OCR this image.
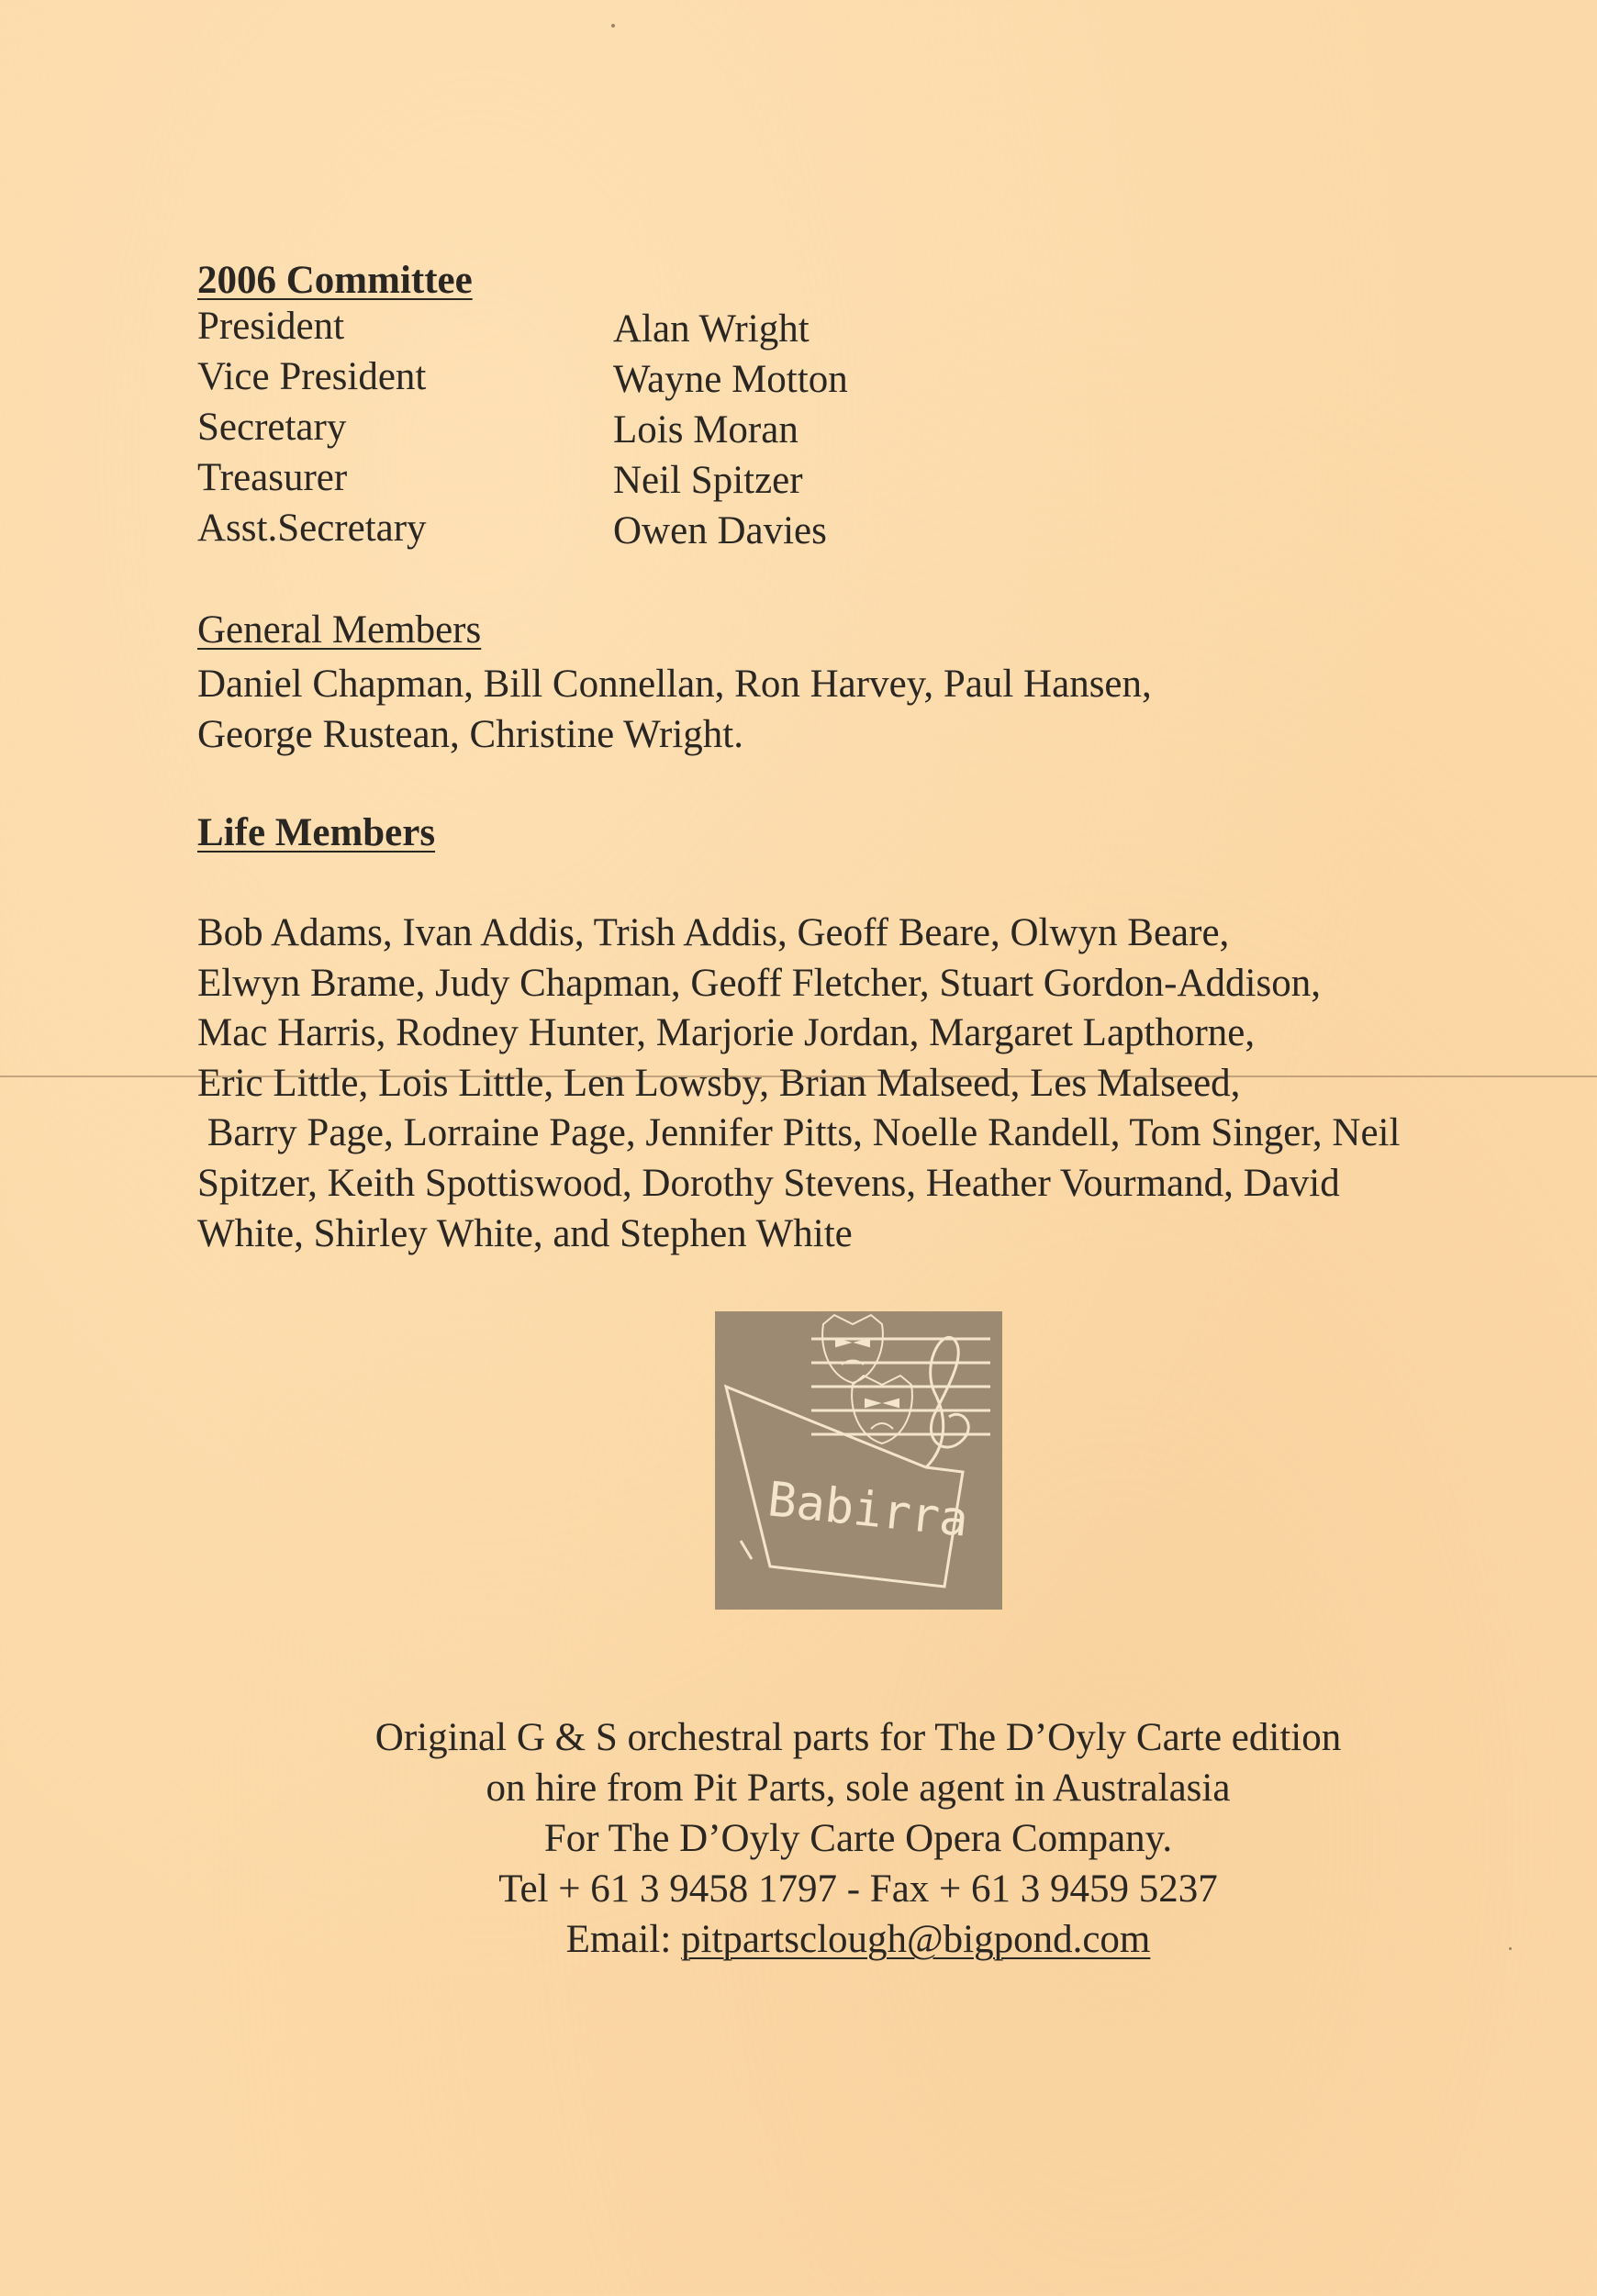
2006 Committee
President
Vice President
Secretary
Treasurer
Asst.Secretary
Alan Wright
Wayne Motton
Lois Moran
Neil Spitzer
Owen Davies
General Members
Daniel Chapman, Bill Connellan, Ron Harvey, Paul Hansen,
George Rustean, Christine Wright.
Life Members
Bob Adams, Ivan Addis, Trish Addis, Geoff Beare, Olwyn Beare,
Elwyn Brame, Judy Chapman, Geoff Fletcher, Stuart Gordon-Addison,
Mac Harris, Rodney Hunter, Marjorie Jordan, Margaret Lapthorne,
Eric Little, Lois Little, Len Lowsby, Brian Malseed, Les Malseed,
Barry Page, Lorraine Page, Jennifer Pitts, Noelle Randell, Tom Singer, Neil
Spitzer, Keith Spottiswood, Dorothy Stevens, Heather Vourmand, David
White, Shirley White, and Stephen White
Babirra
Original G & S orchestral parts for The D’Oyly Carte edition
on hire from Pit Parts, sole agent in Australasia
For The D’Oyly Carte Opera Company.
Tel + 61 3 9458 1797 - Fax + 61 3 9459 5237
Email: pitpartsclough@bigpond.com
